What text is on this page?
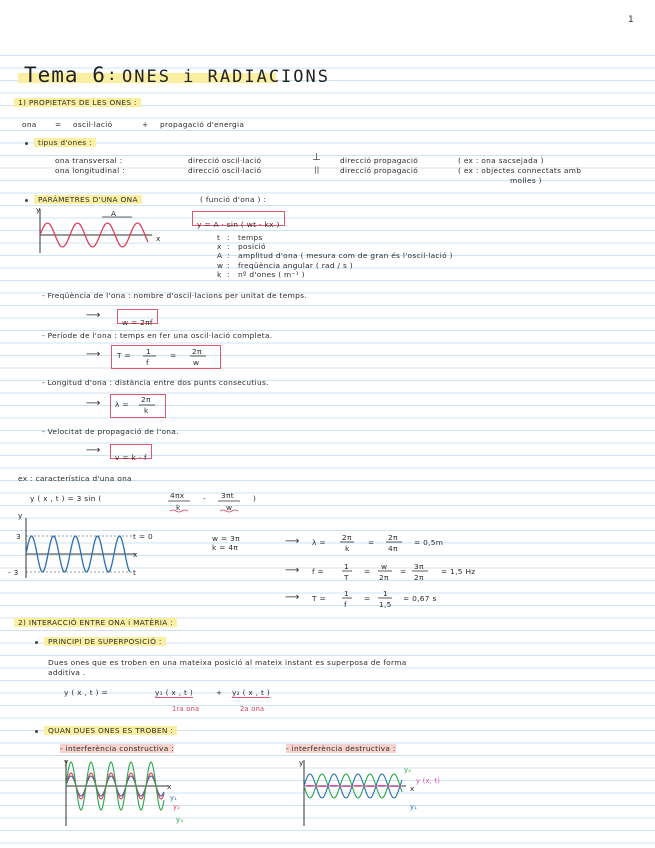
1
Tema 6 : ONES i RADIACIONS
1) PROPIETATS DE LES ONES :
ona = oscil·lació	+ propagació d'energia
tipus d'ones :
ona transversal :	direcció oscil·lació	⊥	direcció propagació	( ex : ona sacsejada )
ona longitudinal :	direcció oscil·lació	||	direcció propagació	( ex : objectes connectats amb
molles )
PARÀMETRES D'UNA ONA	( funció d'ona ) :
y
x
A
y = A · sin ( wt - kx )
t : temps
x : posició
A : amplitud d'ona ( mesura com de gran és l'oscil·lació )
w : freqüència angular ( rad / s )
k : nº d'ones ( m⁻¹ )
- Freqüència de l'ona : nombre d'oscil·lacions per unitat de temps.
⟶
w = 2πf
- Període de l'ona : temps en fer una oscil·lació completa.
⟶ T = 1
f
= 2π
w
- Longitud d'ona : distància entre dos punts consecutius.
⟶ λ =
2π
k
- Velocitat de propagació de l'ona.
⟶
v = k · f
ex : característica d'una ona
y ( x , t ) = 3 sin (	4πx
k
- 3πt
w
)
y
3
- 3
t = 0
x
t
w = 3π
k = 4π
⟶ λ =
2π
k
=
2π
4π
= 0,5m
⟶ f =
1
T
=
w
2π
=
3π
2π
= 1,5 Hz
⟶ T =
1
f
=
1
1,5
= 0,67 s
2) INTERACCIÓ ENTRE ONA i MATÈRIA :
PRINCIPI DE SUPERPOSICIÓ :
Dues ones que es troben en una mateixa posició al mateix instant es superposa de forma
additiva .
y ( x , t ) =	y₁ ( x , t )	+ y₂ ( x , t )
1ra ona	2a ona
QUAN DUES ONES ES TROBEN :
- interferència constructiva :	- interferència destructiva :
y
x
y₁
y₂
y₃
y
x
y₂
y (x, t)
y₁
